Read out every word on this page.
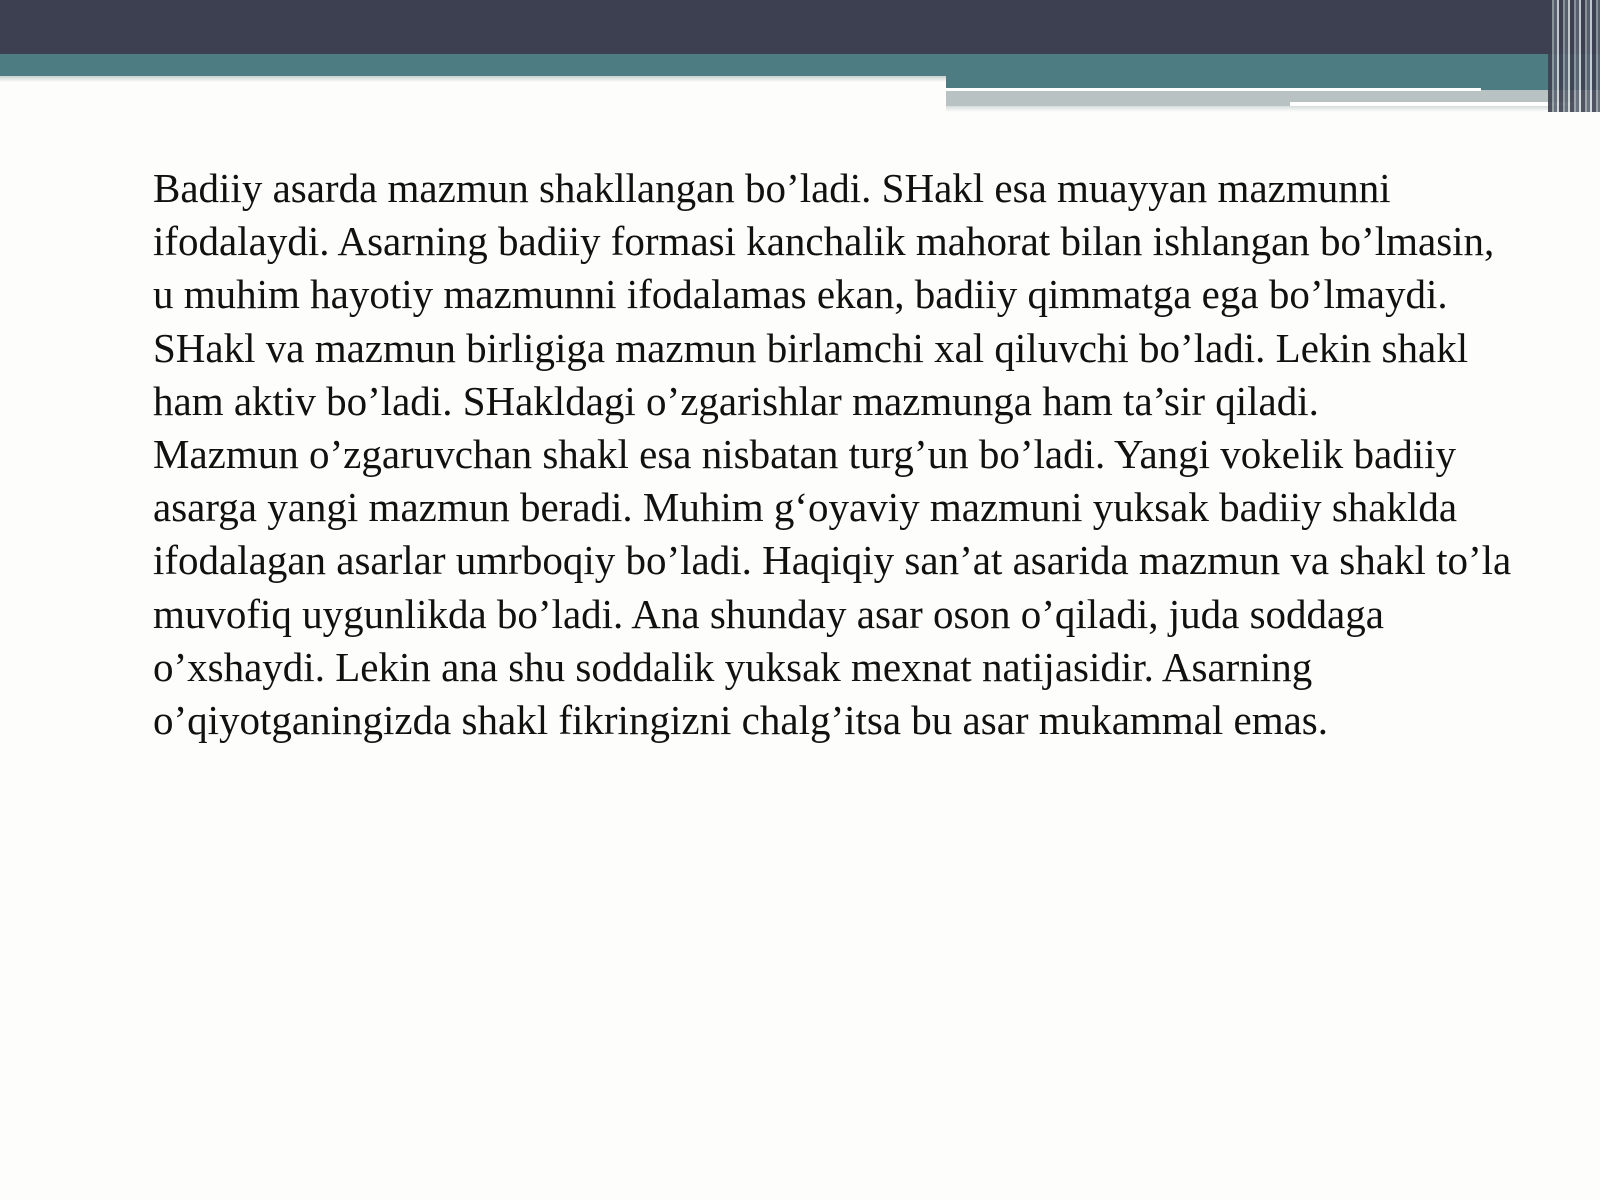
Badiiy asarda mazmun shakllangan bo’ladi. SHakl esa muayyan mazmunni ifodalaydi. Asarning badiiy formasi kanchalik mahorat bilan ishlangan bo’lmasin, u muhim hayotiy mazmunni ifodalamas ekan, badiiy qimmatga ega bo’lmaydi.

SHakl va mazmun birligiga mazmun birlamchi xal qiluvchi bo’ladi. Lekin shakl ham aktiv bo’ladi. SHakldagi o’zgarishlar mazmunga ham ta’sir qiladi.

Mazmun o’zgaruvchan shakl esa nisbatan turg’un bo’ladi. Yangi vokelik badiiy asarga yangi mazmun beradi. Muhim g‘oyaviy mazmuni yuksak badiiy shaklda ifodalagan asarlar umrboqiy bo’ladi. Haqiqiy san’at asarida mazmun va shakl to’la muvofiq uygunlikda bo’ladi. Ana shunday asar oson o’qiladi, juda soddaga o’xshaydi. Lekin ana shu soddalik yuksak mexnat natijasidir. Asarning o’qiyotganingizda shakl fikringizni chalg’itsa bu asar mukammal emas.
